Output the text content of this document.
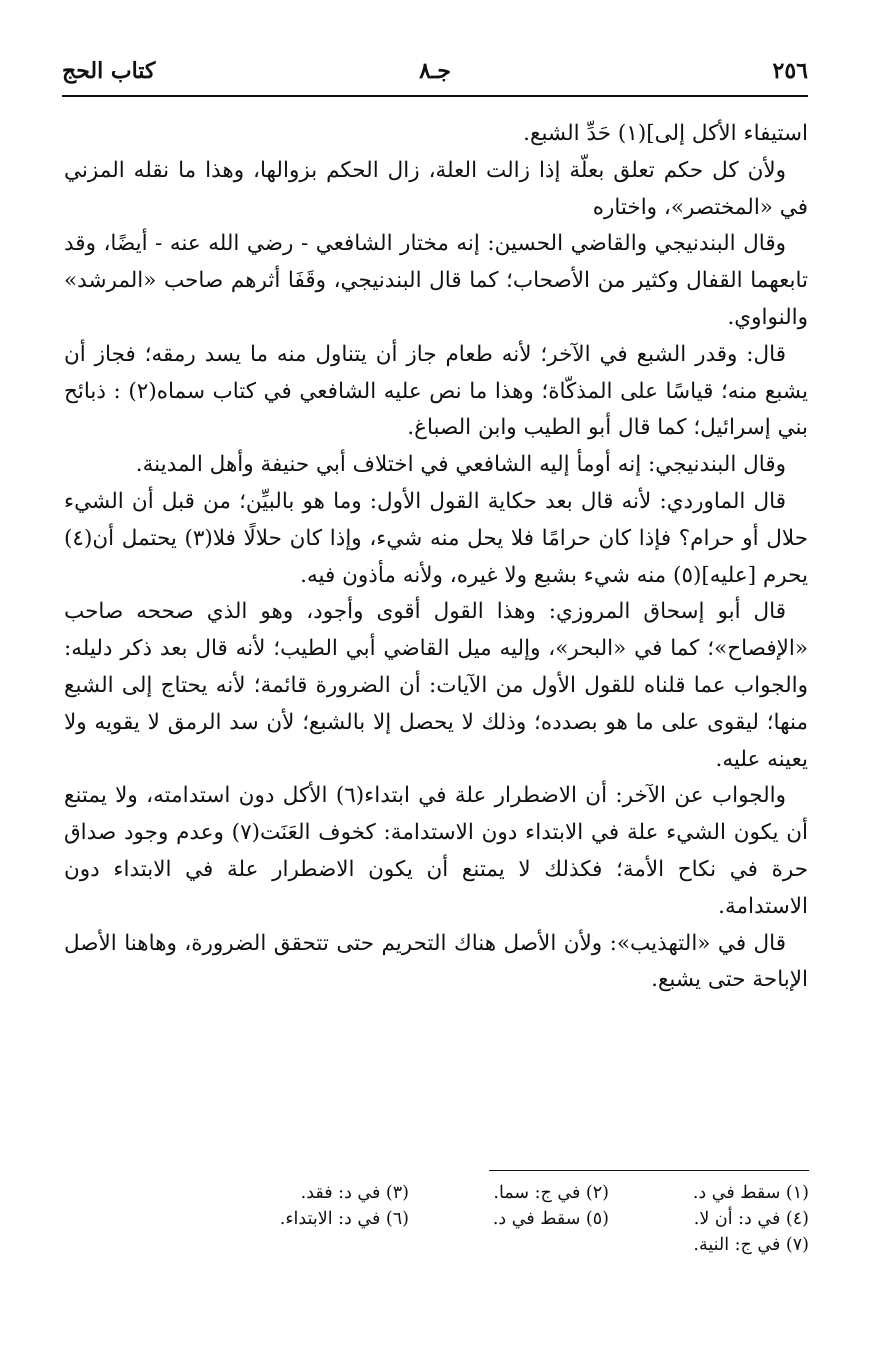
٢٥٦
جـ٨
كتاب الحج

استيفاء الأكل إلى](١) حَدِّ الشبع.

ولأن كل حكم تعلق بعلّة إذا زالت العلة، زال الحكم بزوالها، وهذا ما نقله المزني في «المختصر»، واختاره

وقال البندنيجي والقاضي الحسين: إنه مختار الشافعي - رضي الله عنه - أيضًا، وقد تابعهما القفال وكثير من الأصحاب؛ كما قال البندنيجي، وقَفَا أثرهم صاحب «المرشد» والنواوي.

قال: وقدر الشبع في الآخر؛ لأنه طعام جاز أن يتناول منه ما يسد رمقه؛ فجاز أن يشبع منه؛ قياسًا على المذكّاة؛ وهذا ما نص عليه الشافعي في كتاب سماه(٢) : ذبائح بني إسرائيل؛ كما قال أبو الطيب وابن الصباغ.

وقال البندنيجي: إنه أومأ إليه الشافعي في اختلاف أبي حنيفة وأهل المدينة.

قال الماوردي: لأنه قال بعد حكاية القول الأول: وما هو بالبيِّن؛ من قبل أن الشيء حلال أو حرام؟ فإذا كان حرامًا فلا يحل منه شيء، وإذا كان حلالًا فلا(٣) يحتمل أن(٤) يحرم [عليه](٥) منه شيء بشبع ولا غيره، ولأنه مأذون فيه.

قال أبو إسحاق المروزي: وهذا القول أقوى وأجود، وهو الذي صححه صاحب «الإفصاح»؛ كما في «البحر»، وإليه ميل القاضي أبي الطيب؛ لأنه قال بعد ذكر دليله: والجواب عما قلناه للقول الأول من الآيات: أن الضرورة قائمة؛ لأنه يحتاج إلى الشبع منها؛ ليقوى على ما هو بصدده؛ وذلك لا يحصل إلا بالشبع؛ لأن سد الرمق لا يقويه ولا يعينه عليه.

والجواب عن الآخر: أن الاضطرار علة في ابتداء(٦) الأكل دون استدامته، ولا يمتنع أن يكون الشيء علة في الابتداء دون الاستدامة: كخوف العَنَت(٧) وعدم وجود صداق حرة في نكاح الأمة؛ فكذلك لا يمتنع أن يكون الاضطرار علة في الابتداء دون الاستدامة.

قال في «التهذيب»: ولأن الأصل هناك التحريم حتى تتحقق الضرورة، وهاهنا الأصل الإباحة حتى يشبع.

(١) سقط في د.
(٢) في ج: سما.
(٣) في د: فقد.
(٤) في د: أن لا.
(٥) سقط في د.
(٦) في د: الابتداء.
(٧) في ج: النية.
